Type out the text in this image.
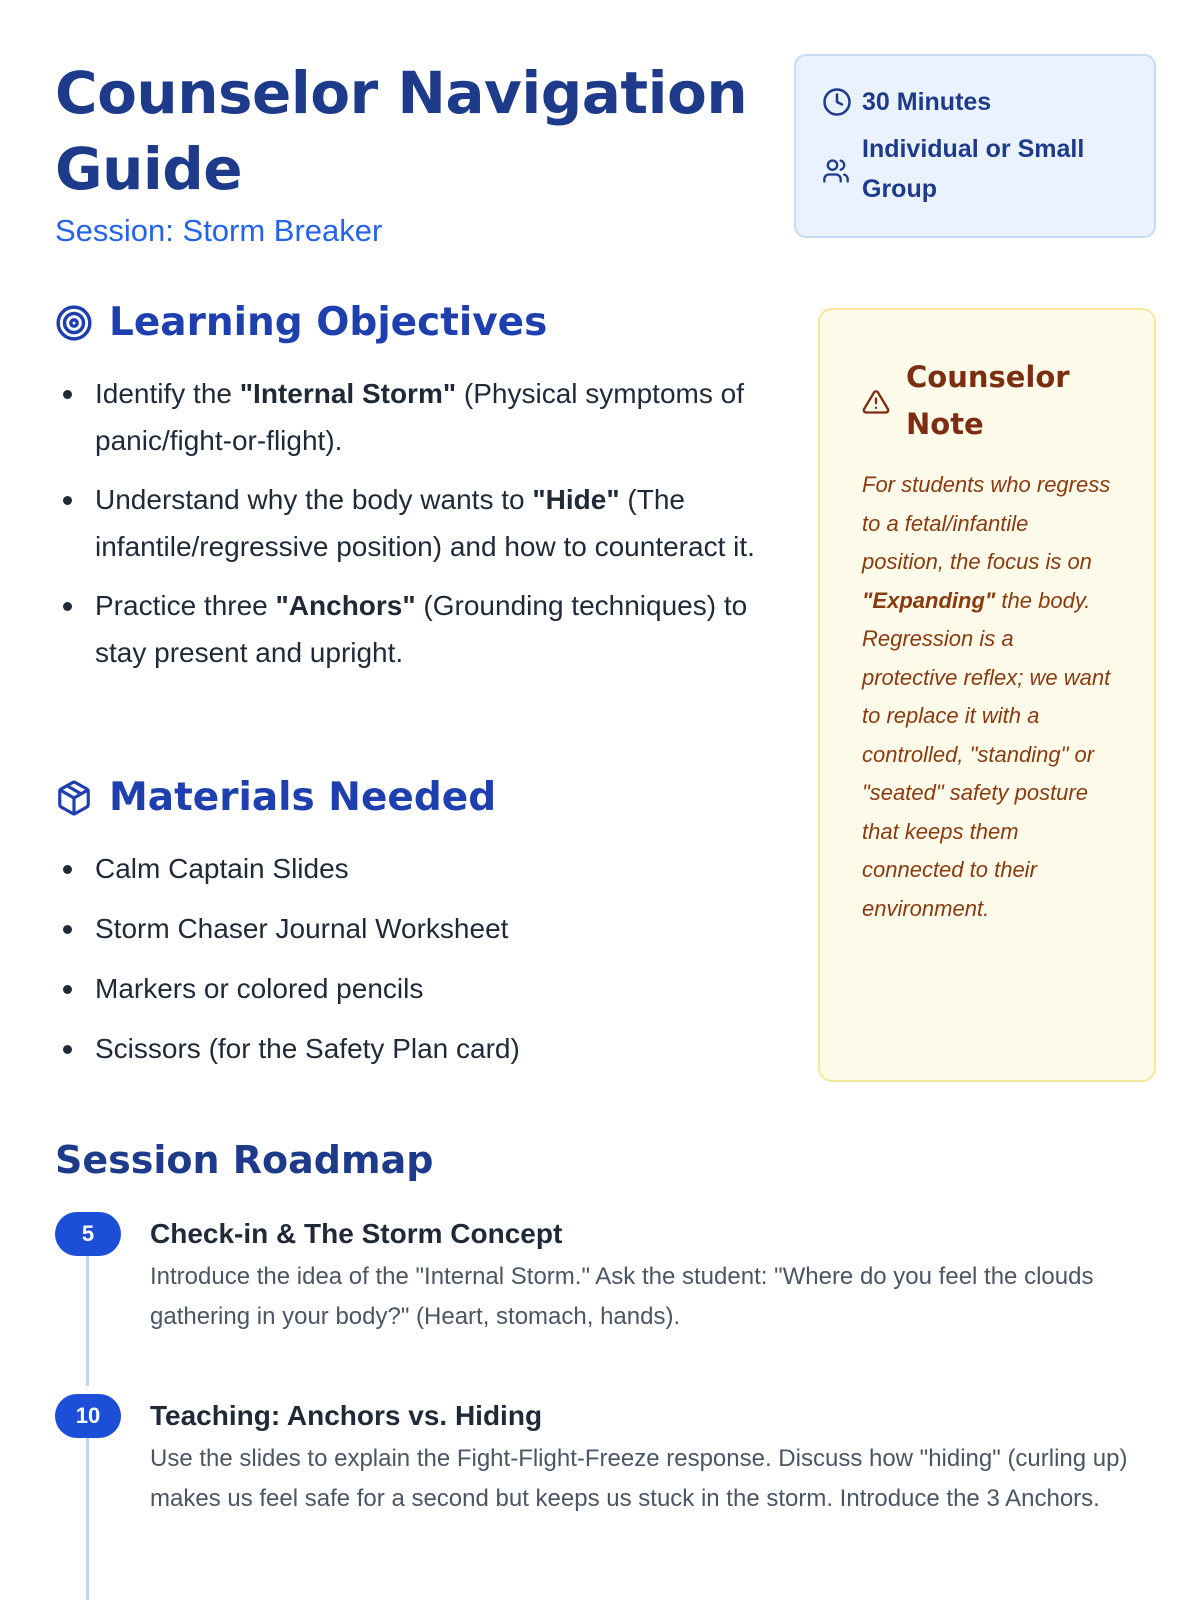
Counselor Navigation
Guide
Session: Storm Breaker
30 Minutes
Individual or Small
Group
Learning Objectives
Identify the "Internal Storm" (Physical symptoms of panic/fight-or-flight).
Understand why the body wants to "Hide" (The infantile/regressive position) and how to counteract it.
Practice three "Anchors" (Grounding techniques) to stay present and upright.
Materials Needed
Calm Captain Slides
Storm Chaser Journal Worksheet
Markers or colored pencils
Scissors (for the Safety Plan card)
Counselor
Note

For students who regress to a fetal/infantile position, the focus is on "Expanding" the body. Regression is a protective reflex; we want to replace it with a controlled, "standing" or "seated" safety posture that keeps them connected to their environment.

Session Roadmap
5	Check-in & The Storm Concept
Introduce the idea of the "Internal Storm." Ask the student: "Where do you feel the clouds gathering in your body?" (Heart, stomach, hands).
10	Teaching: Anchors vs. Hiding
Use the slides to explain the Fight-Flight-Freeze response. Discuss how "hiding" (curling up) makes us feel safe for a second but keeps us stuck in the storm. Introduce the 3 Anchors.
